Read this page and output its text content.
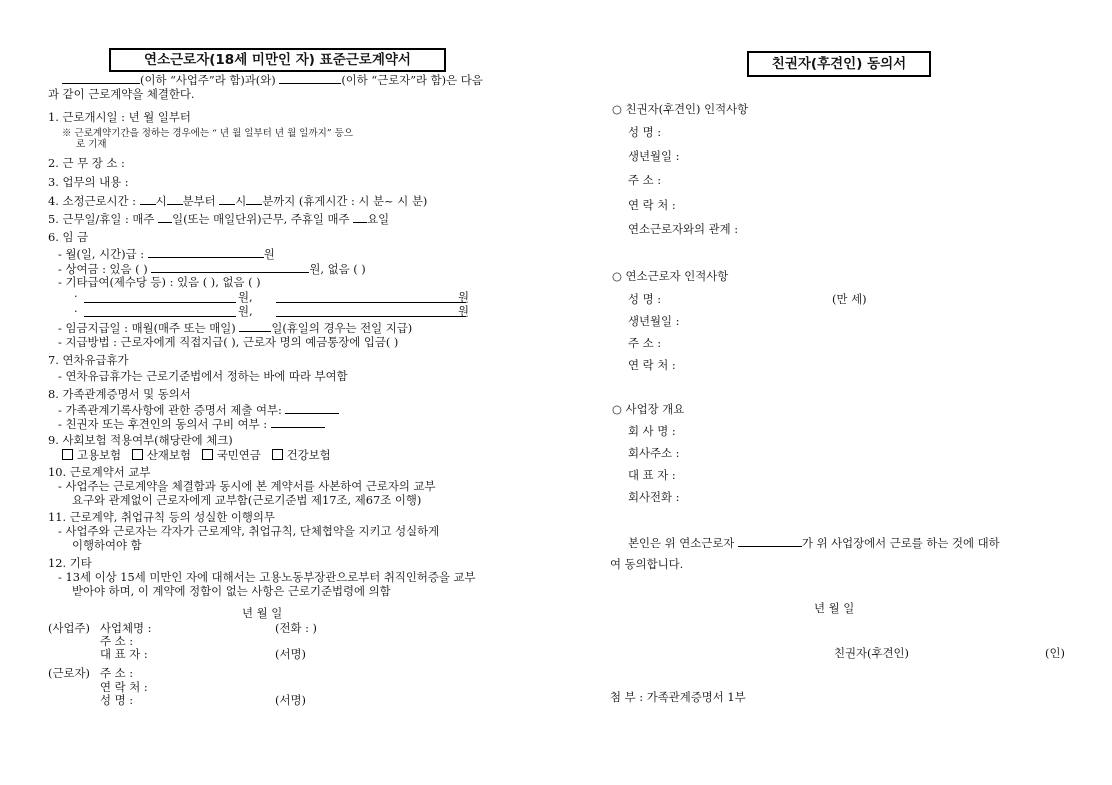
연소근로자(18세 미만인 자) 표준근로계약서
(이하 “사업주”라 함)과(와)	(이하 “근로자”라 함)은 다음
과 같이 근로계약을 체결한다.
1. 근로개시일 : 년 월 일부터
※ 근로계약기간을 정하는 경우에는 “ 년 월 일부터 년 월 일까지” 등으
로 기재
2. 근 무 장 소 :
3. 업무의 내용 :
4. 소정근로시간 : 시 분부터 시 분까지 (휴게시간 : 시 분~ 시 분)
5. 근무일/휴일 : 매주 일(또는 매일단위)근무, 주휴일 매주 요일
6. 임 금
- 월(일, 시간)급 :	원
- 상여금 : 있음 ( )	원, 없음 ( )
- 기타급여(제수당 등) : 있음 ( ), 없음 ( )
·	원,	원
·	원,	원
- 임금지급일 : 매월(매주 또는 매일)	일(휴일의 경우는 전일 지급)
- 지급방법 : 근로자에게 직접지급( ), 근로자 명의 예금통장에 입금( )
7. 연차유급휴가
- 연차유급휴가는 근로기준법에서 정하는 바에 따라 부여함
8. 가족관계증명서 및 동의서
- 가족관계기록사항에 관한 증명서 제출 여부:
- 친권자 또는 후견인의 동의서 구비 여부 :
9. 사회보험 적용여부(해당란에 체크)
고용보험 산재보험 국민연금 건강보험
10. 근로계약서 교부
- 사업주는 근로계약을 체결함과 동시에 본 계약서를 사본하여 근로자의 교부
요구와 관계없이 근로자에게 교부함(근로기준법 제17조, 제67조 이행)
11. 근로계약, 취업규칙 등의 성실한 이행의무
- 사업주와 근로자는 각자가 근로계약, 취업규칙, 단체협약을 지키고 성실하게
이행하여야 함
12. 기타
- 13세 이상 15세 미만인 자에 대해서는 고용노동부장관으로부터 취직인허증을 교부
받아야 하며, 이 계약에 정함이 없는 사항은 근로기준법령에 의함
년 월 일
(사업주) 사업체명 :	(전화 : )
주 소 :
대 표 자 :	(서명)
(근로자) 주 소 :
연 락 처 :
성 명 :	(서명)
친권자(후견인) 동의서
○ 친권자(후견인) 인적사항
성 명 :
생년월일 :
주 소 :
연 락 처 :
연소근로자와의 관계 :
○ 연소근로자 인적사항
성 명 :	(만 세)
생년월일 :
주 소 :
연 락 처 :
○ 사업장 개요
회 사 명 :
회사주소 :
대 표 자 :
회사전화 :
본인은 위 연소근로자	가 위 사업장에서 근로를 하는 것에 대하
여 동의합니다.
년 월 일
친권자(후견인)	(인)
첨 부 : 가족관계증명서 1부
